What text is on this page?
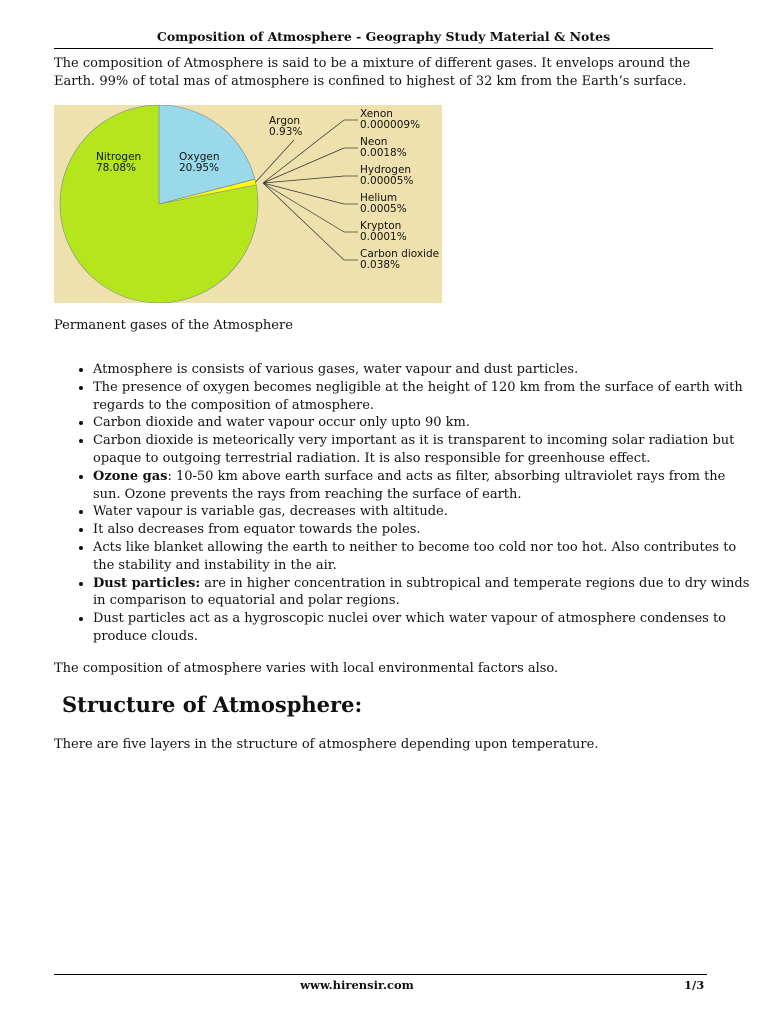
Composition of Atmosphere - Geography Study Material & Notes

The composition of Atmosphere is said to be a mixture of different gases. It envelops around the Earth. 99% of total mas of atmosphere is confined to highest of 32 km from the Earth’s surface.

Nitrogen
78.08%
Oxygen
20.95%
Argon
0.93%
Xenon
0.000009%
Neon
0.0018%
Hydrogen
0.00005%
Helium
0.0005%
Krypton
0.0001%
Carbon dioxide
0.038%

Permanent gases of the Atmosphere

• Atmosphere is consists of various gases, water vapour and dust particles.
• The presence of oxygen becomes negligible at the height of 120 km from the surface of earth with regards to the composition of atmosphere.
• Carbon dioxide and water vapour occur only upto 90 km.
• Carbon dioxide is meteorically very important as it is transparent to incoming solar radiation but opaque to outgoing terrestrial radiation. It is also responsible for greenhouse effect.
• Ozone gas: 10-50 km above earth surface and acts as filter, absorbing ultraviolet rays from the sun. Ozone prevents the rays from reaching the surface of earth.
• Water vapour is variable gas, decreases with altitude.
• It also decreases from equator towards the poles.
• Acts like blanket allowing the earth to neither to become too cold nor too hot. Also contributes to the stability and instability in the air.
• Dust particles: are in higher concentration in subtropical and temperate regions due to dry winds in comparison to equatorial and polar regions.
• Dust particles act as a hygroscopic nuclei over which water vapour of atmosphere condenses to produce clouds.

The composition of atmosphere varies with local environmental factors also.

Structure of Atmosphere:

There are five layers in the structure of atmosphere depending upon temperature.

www.hirensir.com	1/3
